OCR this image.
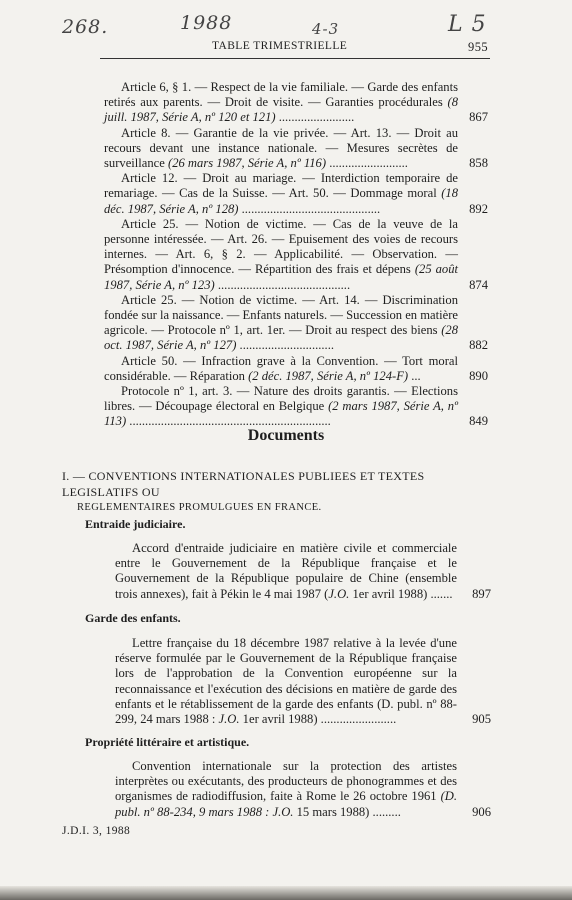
268.	1988	4-3	L 5
TABLE TRIMESTRIELLE	955
Article 6, § 1. — Respect de la vie familiale. — Garde des enfants retirés aux parents. — Droit de visite. — Garanties procédurales (8 juill. 1987, Série A, nº 120 et 121) ........................	867
Article 8. — Garantie de la vie privée. — Art. 13. — Droit au recours devant une instance nationale. — Mesures secrètes de surveillance (26 mars 1987, Série A, nº 116) .........................	858
Article 12. — Droit au mariage. — Interdiction temporaire de remariage. — Cas de la Suisse. — Art. 50. — Dommage moral (18 déc. 1987, Série A, nº 128) ............................................	892
Article 25. — Notion de victime. — Cas de la veuve de la personne intéressée. — Art. 26. — Epuisement des voies de recours internes. — Art. 6, § 2. — Applicabilité. — Observation. — Présomption d'innocence. — Répartition des frais et dépens (25 août 1987, Série A, nº 123) ..........................................	874
Article 25. — Notion de victime. — Art. 14. — Discrimination fondée sur la naissance. — Enfants naturels. — Succession en matière agricole. — Protocole nº 1, art. 1er. — Droit au respect des biens (28 oct. 1987, Série A, nº 127) ..............................	882
Article 50. — Infraction grave à la Convention. — Tort moral considérable. — Réparation (2 déc. 1987, Série A, nº 124-F) ...	890
Protocole nº 1, art. 3. — Nature des droits garantis. — Elections libres. — Découpage électoral en Belgique (2 mars 1987, Série A, nº 113) ................................................................	849
Documents
I. — CONVENTIONS INTERNATIONALES PUBLIEES ET TEXTES LEGISLATIFS OU
REGLEMENTAIRES PROMULGUES EN FRANCE.
Entraide judiciaire.
Accord d'entraide judiciaire en matière civile et commerciale entre le Gouvernement de la République française et le Gouvernement de la République populaire de Chine (ensemble trois annexes), fait à Pékin le 4 mai 1987 (J.O. 1er avril 1988) .......	897
Garde des enfants.
Lettre française du 18 décembre 1987 relative à la levée d'une réserve formulée par le Gouvernement de la République française lors de l'approbation de la Convention européenne sur la reconnaissance et l'exécution des décisions en matière de garde des enfants et le rétablissement de la garde des enfants (D. publ. nº 88-299, 24 mars 1988 : J.O. 1er avril 1988) ........................	905
Propriété littéraire et artistique.
Convention internationale sur la protection des artistes interprètes ou exécutants, des producteurs de phonogrammes et des organismes de radiodiffusion, faite à Rome le 26 octobre 1961 (D. publ. nº 88-234, 9 mars 1988 : J.O. 15 mars 1988) .........	906
J.D.I. 3, 1988
